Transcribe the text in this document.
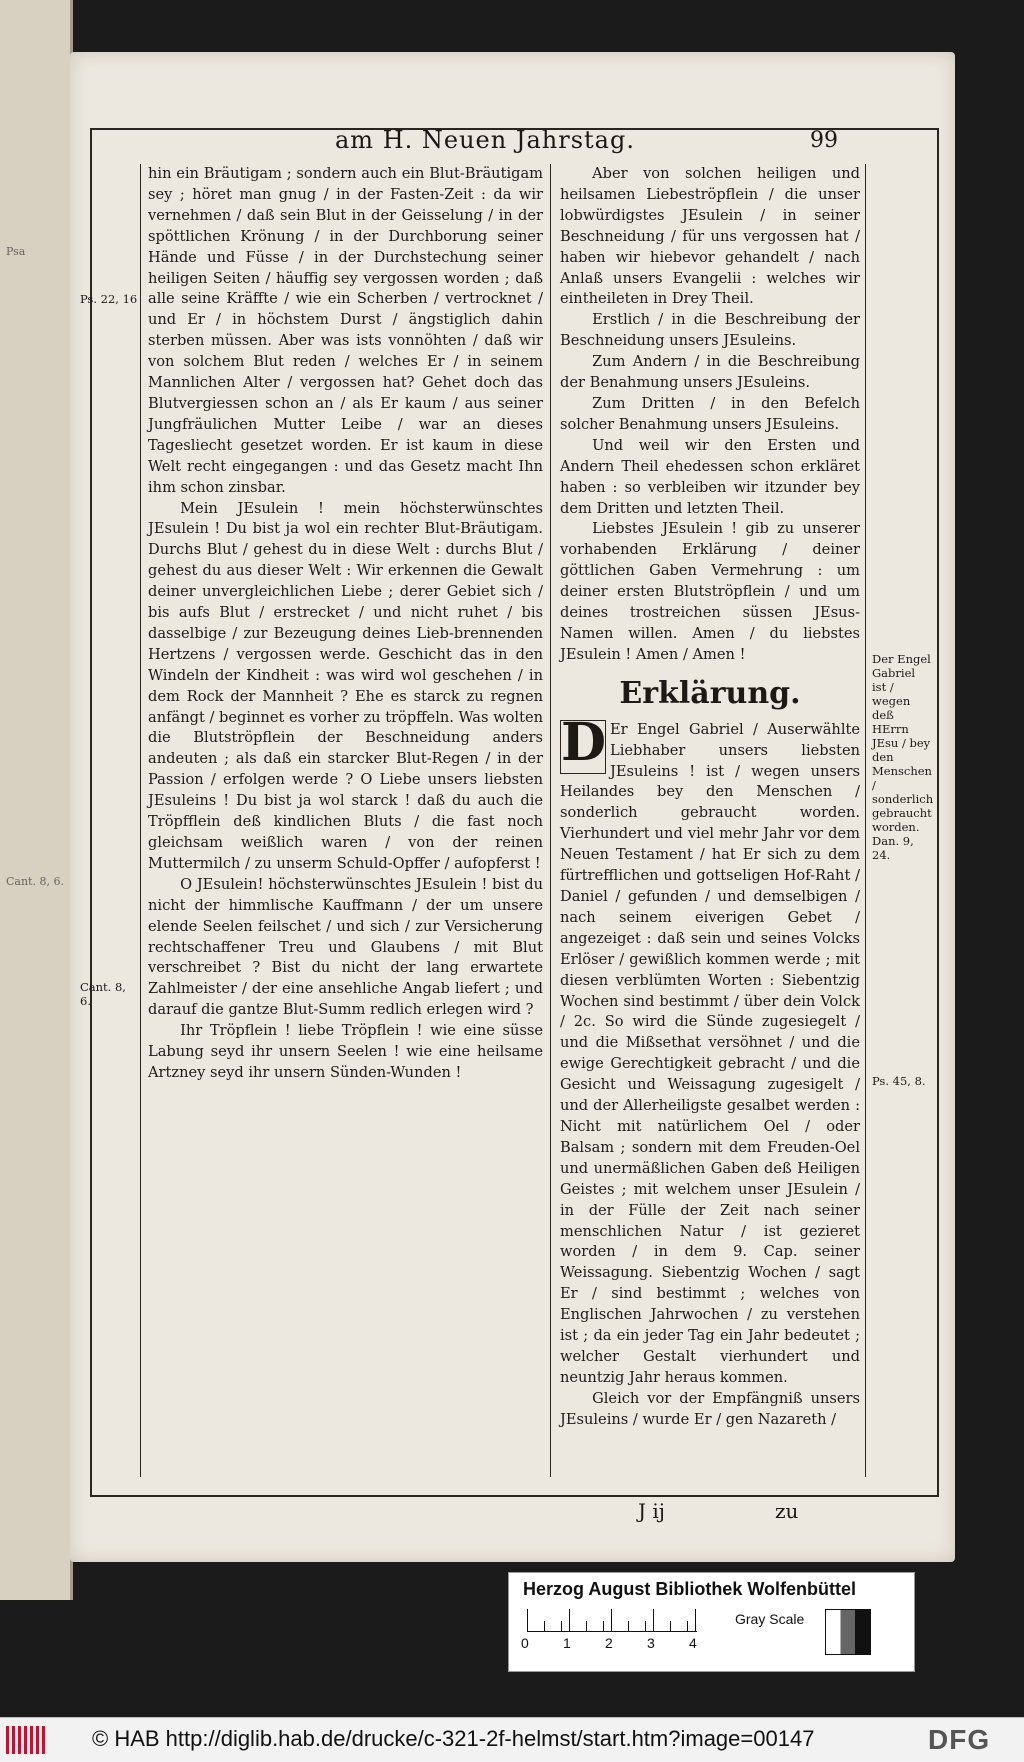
Psa
Cant. 8, 6.
am H. Neuen Jahrstag.	99
Ps. 22, 16
Cant. 8, 6.

hin ein Bräutigam ; sondern auch ein Blut-Bräutigam sey ; höret man gnug / in der Fasten-Zeit : da wir vernehmen / daß sein Blut in der Geisselung / in der spöttlichen Krönung / in der Durchborung seiner Hände und Füsse / in der Durchstechung seiner heiligen Seiten / häuffig sey vergossen worden ; daß alle seine Kräffte / wie ein Scherben / vertrocknet / und Er / in höchstem Durst / ängstiglich dahin sterben müssen. Aber was ists vonnöhten / daß wir von solchem Blut reden / welches Er / in seinem Mannlichen Alter / vergossen hat? Gehet doch das Blutvergiessen schon an / als Er kaum / aus seiner Jungfräulichen Mutter Leibe / war an dieses Tagesliecht gesetzet worden. Er ist kaum in diese Welt recht eingegangen : und das Gesetz macht Ihn ihm schon zinsbar.

Mein JEsulein ! mein höchsterwünschtes JEsulein ! Du bist ja wol ein rechter Blut-Bräutigam. Durchs Blut / gehest du in diese Welt : durchs Blut / gehest du aus dieser Welt : Wir erkennen die Gewalt deiner unvergleichlichen Liebe ; derer Gebiet sich / bis aufs Blut / erstrecket / und nicht ruhet / bis dasselbige / zur Bezeugung deines Lieb-brennenden Hertzens / vergossen werde. Geschicht das in den Windeln der Kindheit : was wird wol geschehen / in dem Rock der Mannheit ? Ehe es starck zu regnen anfängt / beginnet es vorher zu tröpffeln. Was wolten die Blutströpflein der Beschneidung anders andeuten ; als daß ein starcker Blut-Regen / in der Passion / erfolgen werde ? O Liebe unsers liebsten JEsuleins ! Du bist ja wol starck ! daß du auch die Tröpfflein deß kindlichen Bluts / die fast noch gleichsam weißlich waren / von der reinen Muttermilch / zu unserm Schuld-Opffer / aufopferst !

O JEsulein! höchsterwünschtes JEsulein ! bist du nicht der himmlische Kauffmann / der um unsere elende Seelen feilschet / und sich / zur Versicherung rechtschaffener Treu und Glaubens / mit Blut verschreibet ? Bist du nicht der lang erwartete Zahlmeister / der eine ansehliche Angab liefert ; und darauf die gantze Blut-Summ redlich erlegen wird ?

Ihr Tröpflein ! liebe Tröpflein ! wie eine süsse Labung seyd ihr unsern Seelen ! wie eine heilsame Artzney seyd ihr unsern Sünden-Wunden !

Aber von solchen heiligen und heilsamen Liebeströpflein / die unser lobwürdigstes JEsulein / in seiner Beschneidung / für uns vergossen hat / haben wir hiebevor gehandelt / nach Anlaß unsers Evangelii : welches wir eintheileten in Drey Theil.

Erstlich / in die Beschreibung der Beschneidung unsers JEsuleins.

Zum Andern / in die Beschreibung der Benahmung unsers JEsuleins.

Zum Dritten / in den Befelch solcher Benahmung unsers JEsuleins.

Und weil wir den Ersten und Andern Theil ehedessen schon erkläret haben : so verbleiben wir itzunder bey dem Dritten und letzten Theil.

Liebstes JEsulein ! gib zu unserer vorhabenden Erklärung / deiner göttlichen Gaben Vermehrung : um deiner ersten Blutströpflein / und um deines trostreichen süssen JEsus-Namen willen. Amen / du liebstes JEsulein ! Amen / Amen !

Erklärung.

D Er Engel Gabriel / Auserwählte Liebhaber unsers liebsten JEsuleins ! ist / wegen unsers Heilandes bey den Menschen / sonderlich gebraucht worden. Vierhundert und viel mehr Jahr vor dem Neuen Testament / hat Er sich zu dem fürtrefflichen und gottseligen Hof-Raht / Daniel / gefunden / und demselbigen / nach seinem eiverigen Gebet / angezeiget : daß sein und seines Volcks Erlöser / gewißlich kommen werde ; mit diesen verblümten Worten : Siebentzig Wochen sind bestimmt / über dein Volck / 2c. So wird die Sünde zugesiegelt / und die Mißsethat versöhnet / und die ewige Gerechtigkeit gebracht / und die Gesicht und Weissagung zugesigelt / und der Allerheiligste gesalbet werden : Nicht mit natürlichem Oel / oder Balsam ; sondern mit dem Freuden-Oel und unermäßlichen Gaben deß Heiligen Geistes ; mit welchem unser JEsulein / in der Fülle der Zeit nach seiner menschlichen Natur / ist gezieret worden / in dem 9. Cap. seiner Weissagung. Siebentzig Wochen / sagt Er / sind bestimmt ; welches von Englischen Jahrwochen / zu verstehen ist ; da ein jeder Tag ein Jahr bedeutet ; welcher Gestalt vierhundert und neuntzig Jahr heraus kommen.

Gleich vor der Empfängniß unsers JEsuleins / wurde Er / gen Nazareth /

Der Engel Gabriel ist / wegen deß HErrn JEsu / bey den Menschen / sonderlich gebraucht worden. Dan. 9, 24.
Ps. 45, 8.
J ij	zu
Herzog August Bibliothek Wolfenbüttel
0 1 2 3 4
Gray Scale
© HAB http://diglib.hab.de/drucke/c-321-2f-helmst/start.htm?image=00147	DFG
